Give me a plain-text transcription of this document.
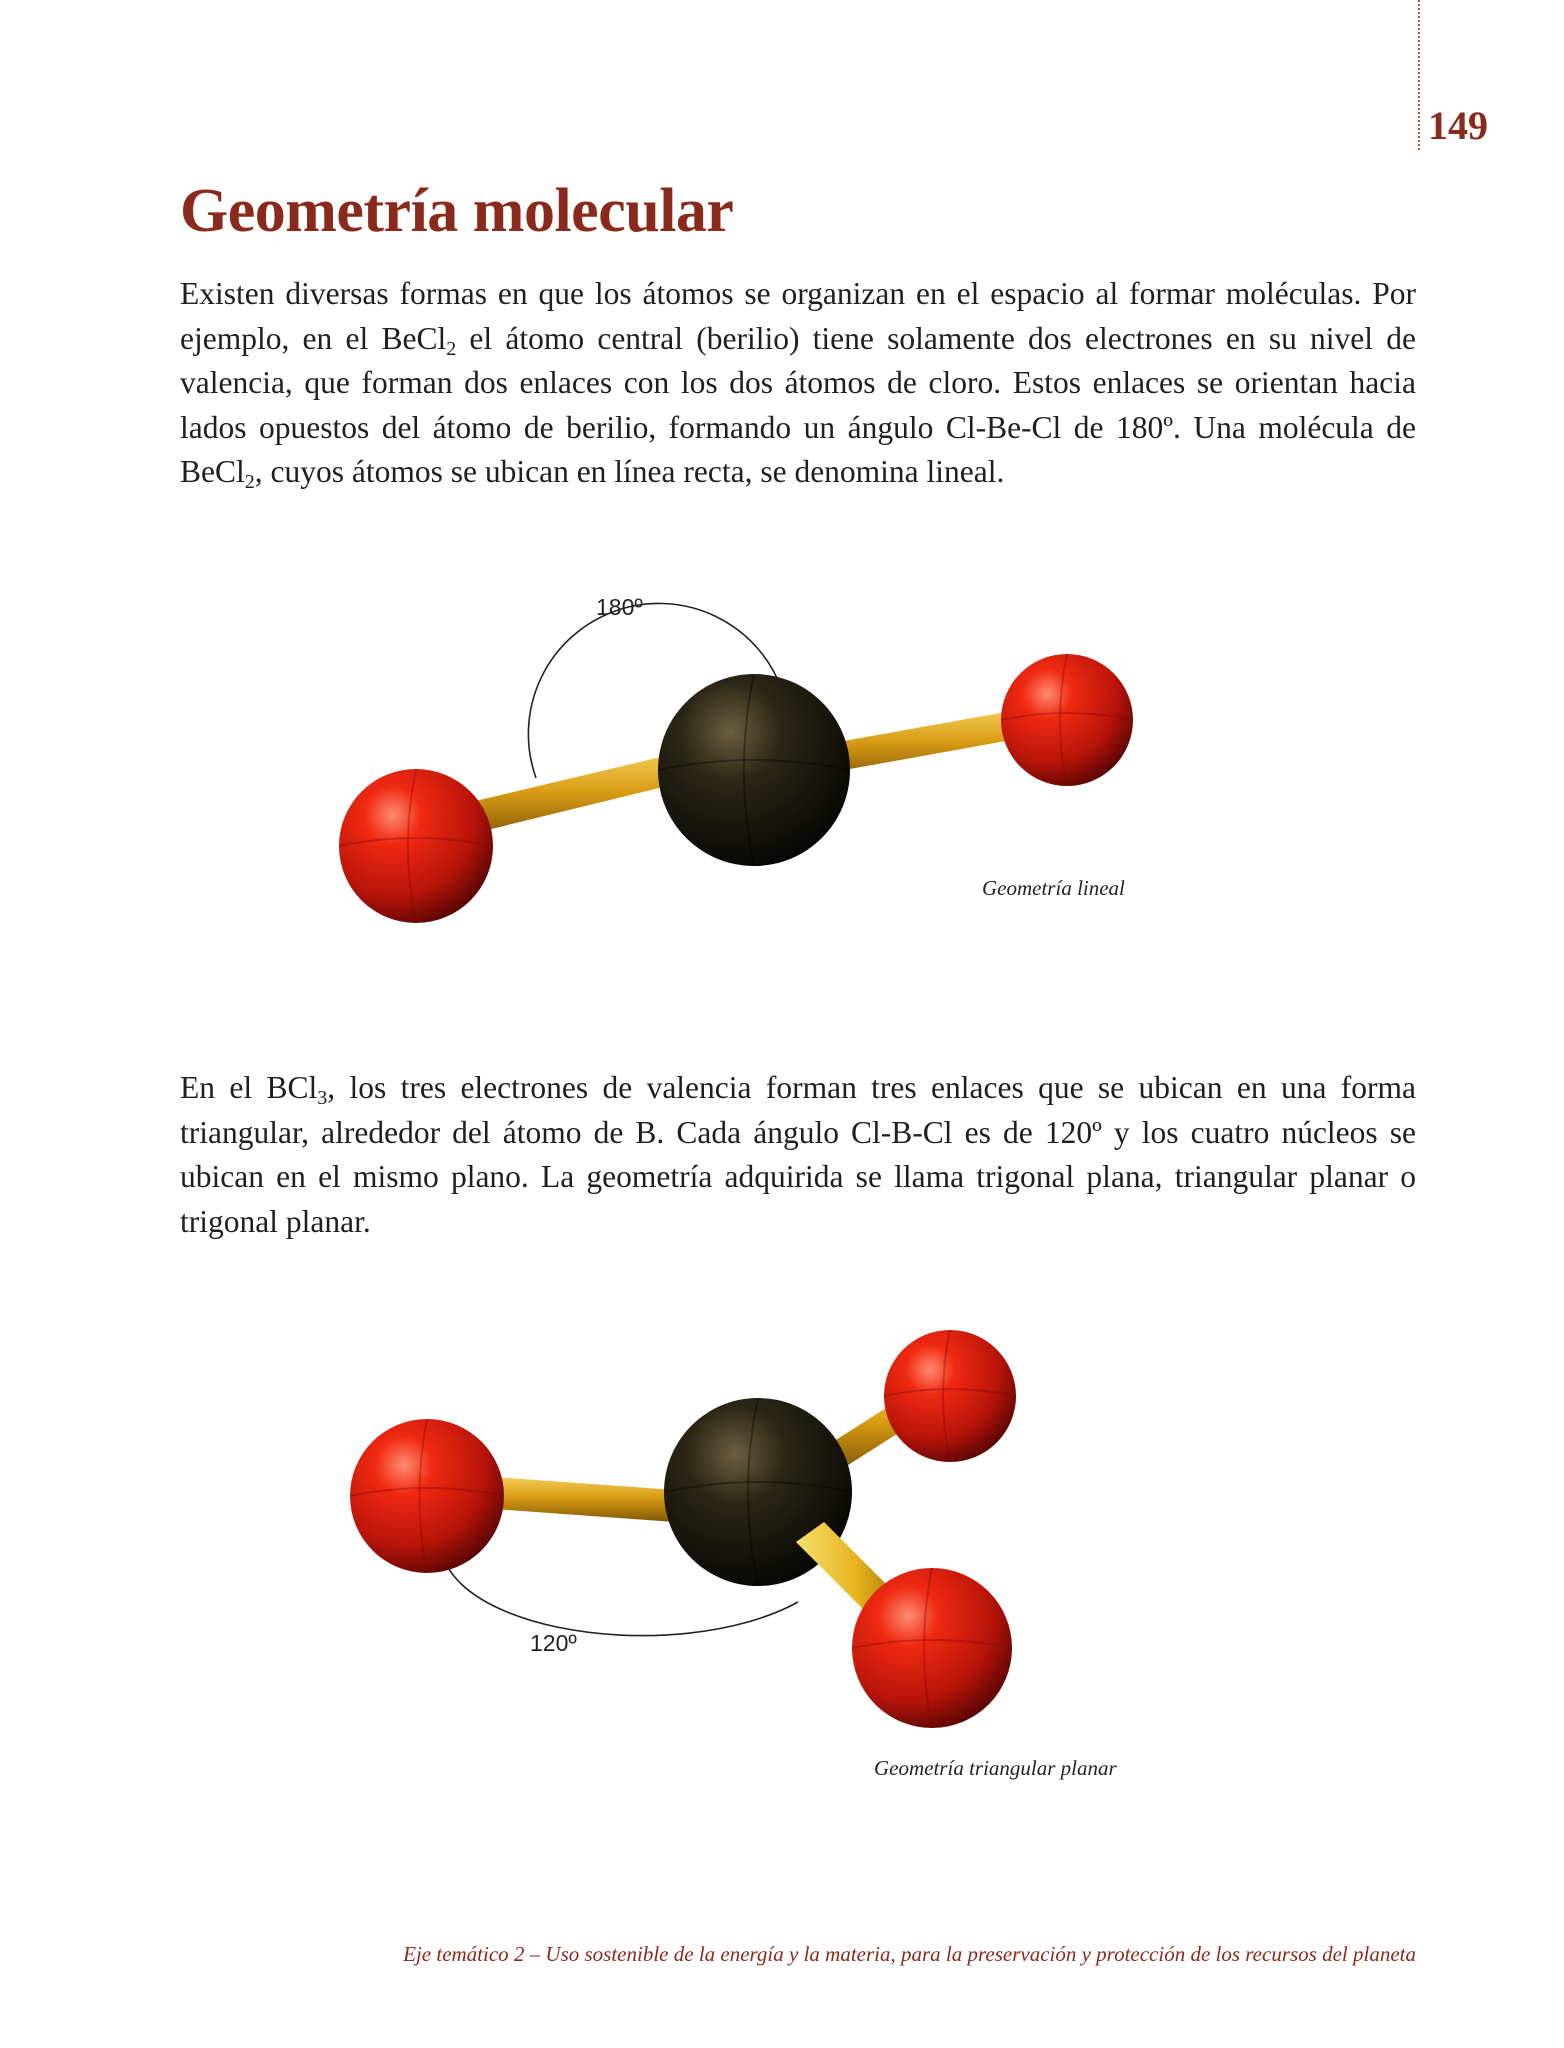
149
Geometría molecular

Existen diversas formas en que los átomos se organizan en el espacio al formar moléculas. Por ejemplo, en el BeCl$_2$ el átomo central (berilio) tiene solamente dos electrones en su nivel de valencia, que forman dos enlaces con los dos átomos de cloro. Estos enlaces se orientan hacia lados opuestos del átomo de berilio, formando un ángulo Cl-Be-Cl de 180º. Una molécula de BeCl$_2$, cuyos átomos se ubican en línea recta, se denomina lineal.

180º
Geometría lineal

En el BCl$_3$, los tres electrones de valencia forman tres enlaces que se ubican en una forma triangular, alrededor del átomo de B. Cada ángulo Cl-B-Cl es de 120º y los cuatro núcleos se ubican en el mismo plano. La geometría adquirida se llama trigonal plana, triangular planar o trigonal planar.

120º
Geometría triangular planar
Eje temático 2 – Uso sostenible de la energía y la materia, para la preservación y protección de los recursos del planeta
